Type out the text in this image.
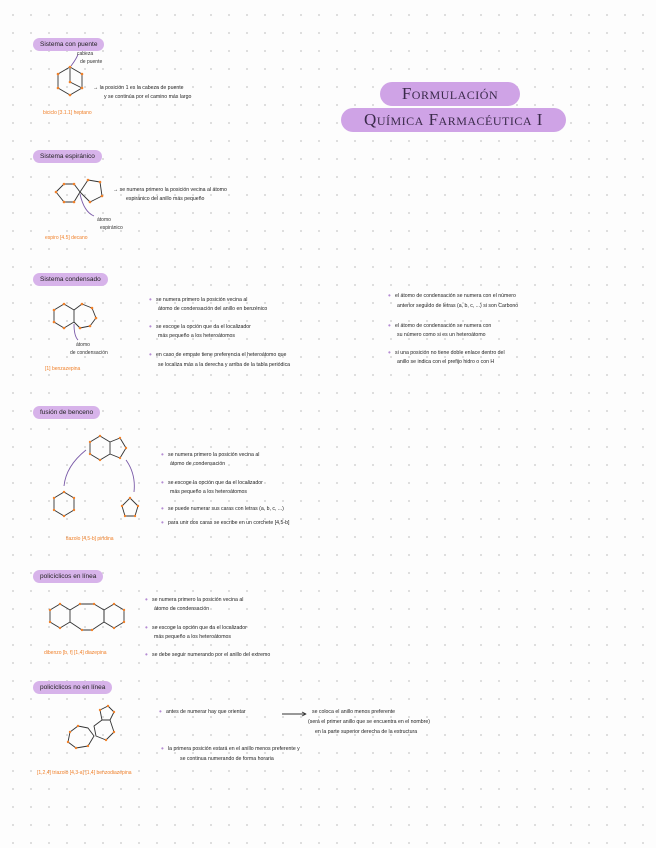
Formulación
Química Farmacéutica I
Sistema con puente
cabeza
de puente
→ la posición 1 es la cabeza de puente
y se continúa por el camino más largo
biciclo [3.1.1] heptano
Sistema espiránico
átomo
espiránico
→ se numera primero la posición vecina al átomo
espiránico del anillo más pequeño
espiro [4.5] decano
Sistema condensado
átomo
de condensación
[1] benzazepina
• se numera primero la posición vecina al
átomo de condensación del anillo en benzénico
• se escoge la opción que da el localizador
más pequeño a los heteroátomos
• en caso de empate tiene preferencia el heteroátomo que
se localiza más a la derecha y arriba de la tabla periódica
• el átomo de condensación se numera con el número
anterior seguido de letras (a, b, c, ...) si son Carbono
• el átomo de condensación se numera con
su número como si es un heteroátomo
• si una posición no tiene doble enlace dentro del
anillo se indica con el prefijo hidro o con H
fusión de benceno
• se numera primero la posición vecina al
átomo de condensación
• se escoge la opción que da el localizador
más pequeño a los heteroátomos
• se puede numerar sus caras con letras (a, b, c, ...)
• para unir dos caras se escribe en un corchete [4,5-b]
tiazolo [4,5-b] piridina
policíclicos en línea
• se numera primero la posición vecina al
átomo de condensación
• se escoge la opción que da el localizador
más pequeño a los heteroátomos
• se debe seguir numerando por el anillo del extremo
dibenzo [b, f] [1,4] diazepina
policíclicos no en línea
• antes de numerar hay que orientar	se coloca el anillo menos preferente
(será el primer anillo que se encuentra en el nombre)
en la parte superior derecha de la estructura
• la primera posición estará en el anillo menos preferente y
se continua numerando de forma horaria
[1,2,4] triazolo [4,3-a] [1,4] benzodiazepina
